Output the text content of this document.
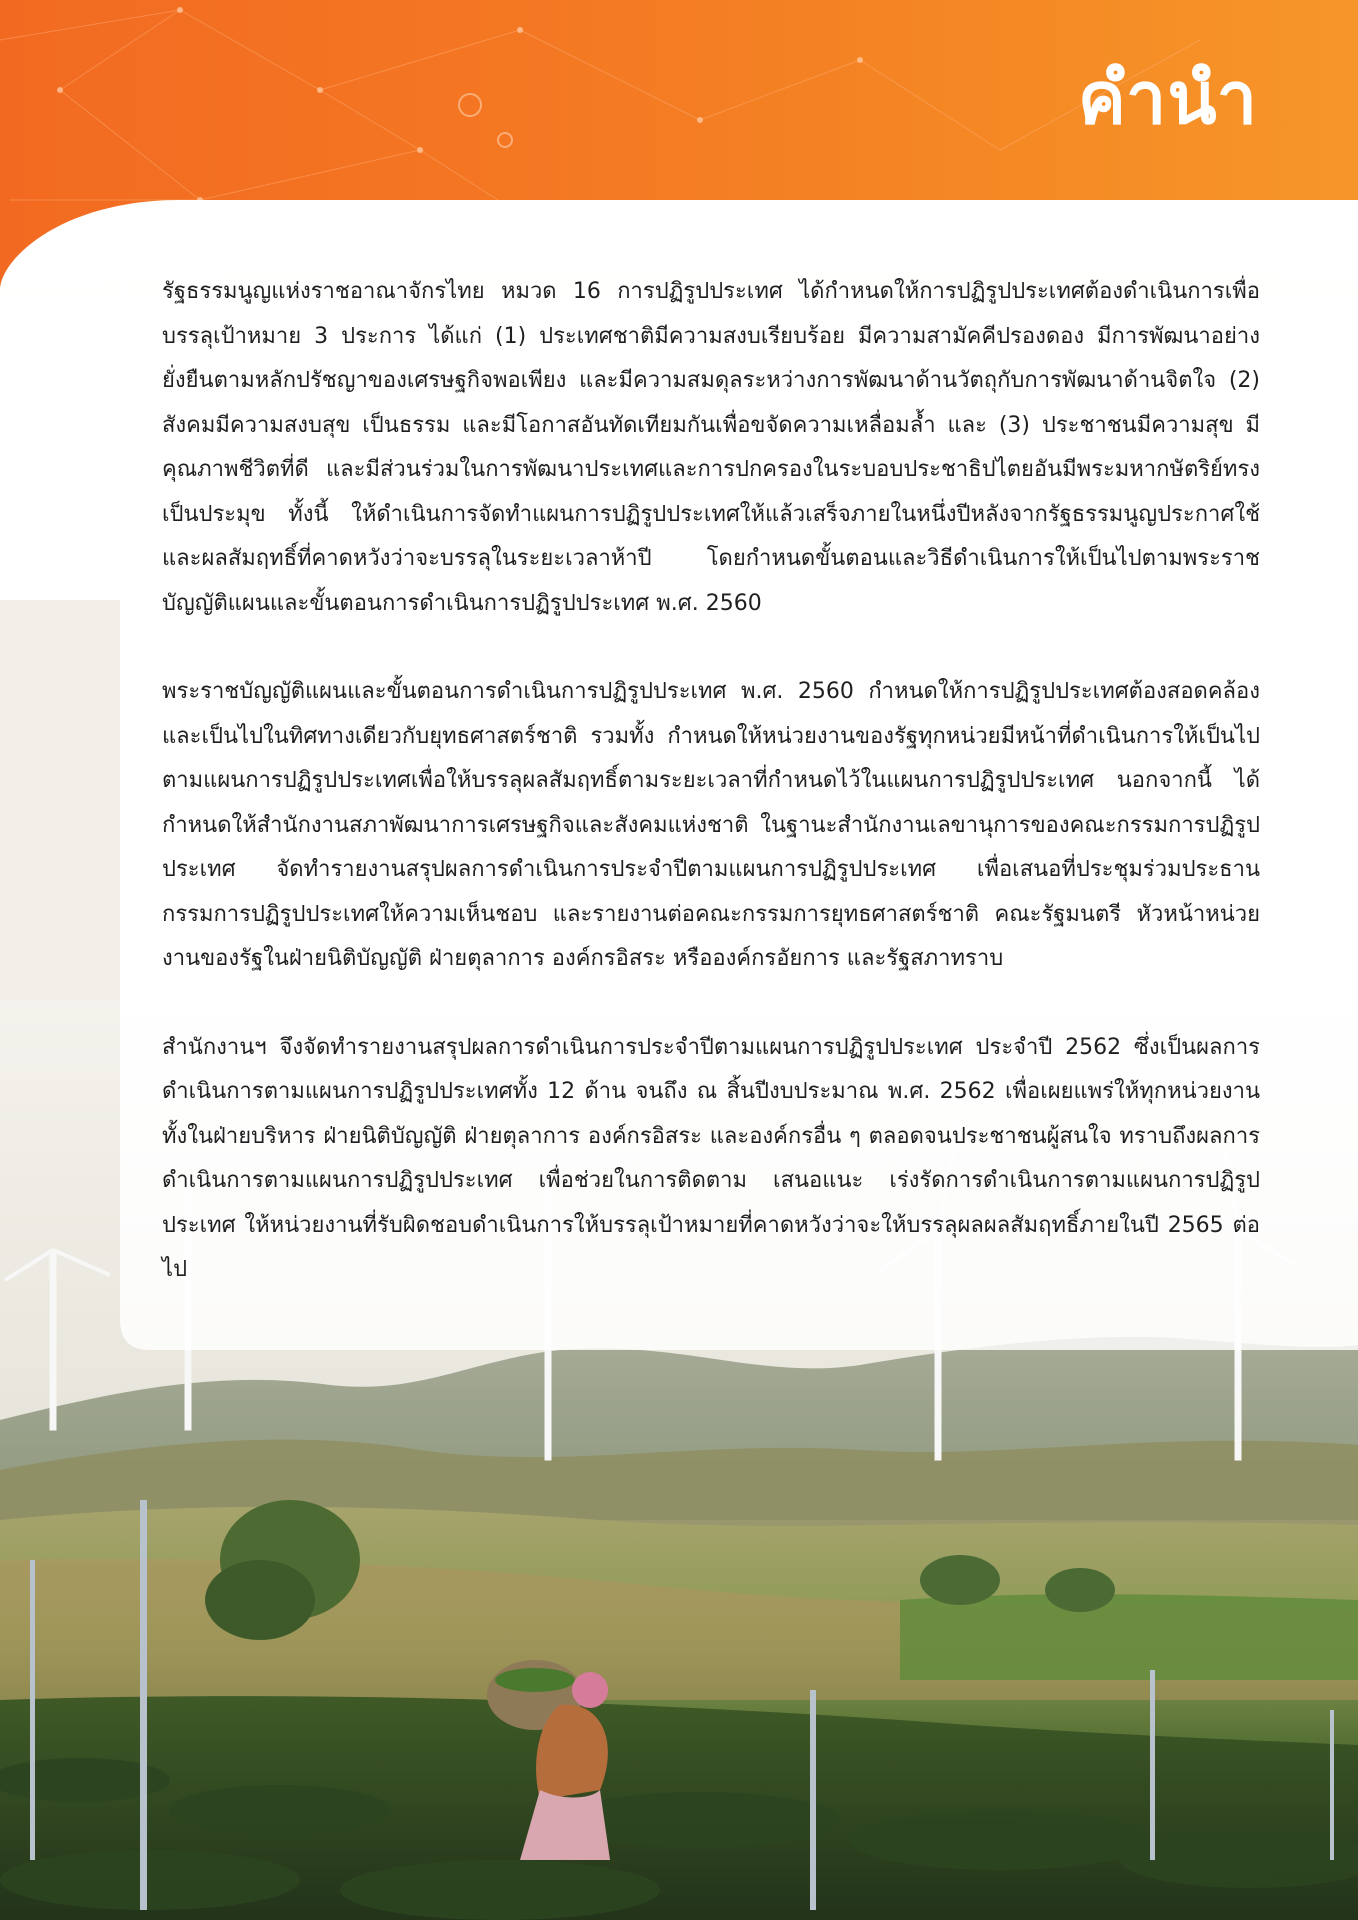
คำนำ

รัฐธรรมนูญแห่งราชอาณาจักรไทย หมวด 16 การปฏิรูปประเทศ ได้กำหนดให้การปฏิรูปประเทศต้องดำเนินการเพื่อบรรลุเป้าหมาย 3 ประการ ได้แก่ (1) ประเทศชาติมีความสงบเรียบร้อย มีความสามัคคีปรองดอง มีการพัฒนาอย่างยั่งยืนตามหลักปรัชญาของเศรษฐกิจพอเพียง และมีความสมดุลระหว่างการพัฒนาด้านวัตถุกับการพัฒนาด้านจิตใจ (2) สังคมมีความสงบสุข เป็นธรรม และมีโอกาสอันทัดเทียมกันเพื่อขจัดความเหลื่อมล้ำ และ (3) ประชาชนมีความสุข มีคุณภาพชีวิตที่ดี และมีส่วนร่วมในการพัฒนาประเทศและการปกครองในระบอบประชาธิปไตยอันมีพระมหากษัตริย์ทรงเป็นประมุข ทั้งนี้ ให้ดำเนินการจัดทำแผนการปฏิรูปประเทศให้แล้วเสร็จภายในหนึ่งปีหลังจากรัฐธรรมนูญประกาศใช้ และผลสัมฤทธิ์ที่คาดหวังว่าจะบรรลุในระยะเวลาห้าปี โดยกำหนดขั้นตอนและวิธีดำเนินการให้เป็นไปตามพระราชบัญญัติแผนและขั้นตอนการดำเนินการปฏิรูปประเทศ พ.ศ. 2560

พระราชบัญญัติแผนและขั้นตอนการดำเนินการปฏิรูปประเทศ พ.ศ. 2560 กำหนดให้การปฏิรูปประเทศต้องสอดคล้องและเป็นไปในทิศทางเดียวกับยุทธศาสตร์ชาติ รวมทั้ง กำหนดให้หน่วยงานของรัฐทุกหน่วยมีหน้าที่ดำเนินการให้เป็นไปตามแผนการปฏิรูปประเทศเพื่อให้บรรลุผลสัมฤทธิ์ตามระยะเวลาที่กำหนดไว้ในแผนการปฏิรูปประเทศ นอกจากนี้ ได้กำหนดให้สำนักงานสภาพัฒนาการเศรษฐกิจและสังคมแห่งชาติ ในฐานะสำนักงานเลขานุการของคณะกรรมการปฏิรูปประเทศ จัดทำรายงานสรุปผลการดำเนินการประจำปีตามแผนการปฏิรูปประเทศ เพื่อเสนอที่ประชุมร่วมประธานกรรมการปฏิรูปประเทศให้ความเห็นชอบ และรายงานต่อคณะกรรมการยุทธศาสตร์ชาติ คณะรัฐมนตรี หัวหน้าหน่วยงานของรัฐในฝ่ายนิติบัญญัติ ฝ่ายตุลาการ องค์กรอิสระ หรือองค์กรอัยการ และรัฐสภาทราบ

สำนักงานฯ จึงจัดทำรายงานสรุปผลการดำเนินการประจำปีตามแผนการปฏิรูปประเทศ ประจำปี 2562 ซึ่งเป็นผลการดำเนินการตามแผนการปฏิรูปประเทศทั้ง 12 ด้าน จนถึง ณ สิ้นปีงบประมาณ พ.ศ. 2562 เพื่อเผยแพร่ให้ทุกหน่วยงานทั้งในฝ่ายบริหาร ฝ่ายนิติบัญญัติ ฝ่ายตุลาการ องค์กรอิสระ และองค์กรอื่น ๆ ตลอดจนประชาชนผู้สนใจ ทราบถึงผลการดำเนินการตามแผนการปฏิรูปประเทศ เพื่อช่วยในการติดตาม เสนอแนะ เร่งรัดการดำเนินการตามแผนการปฏิรูปประเทศ ให้หน่วยงานที่รับผิดชอบดำเนินการให้บรรลุเป้าหมายที่คาดหวังว่าจะให้บรรลุผลผลสัมฤทธิ์ภายในปี 2565 ต่อไป
